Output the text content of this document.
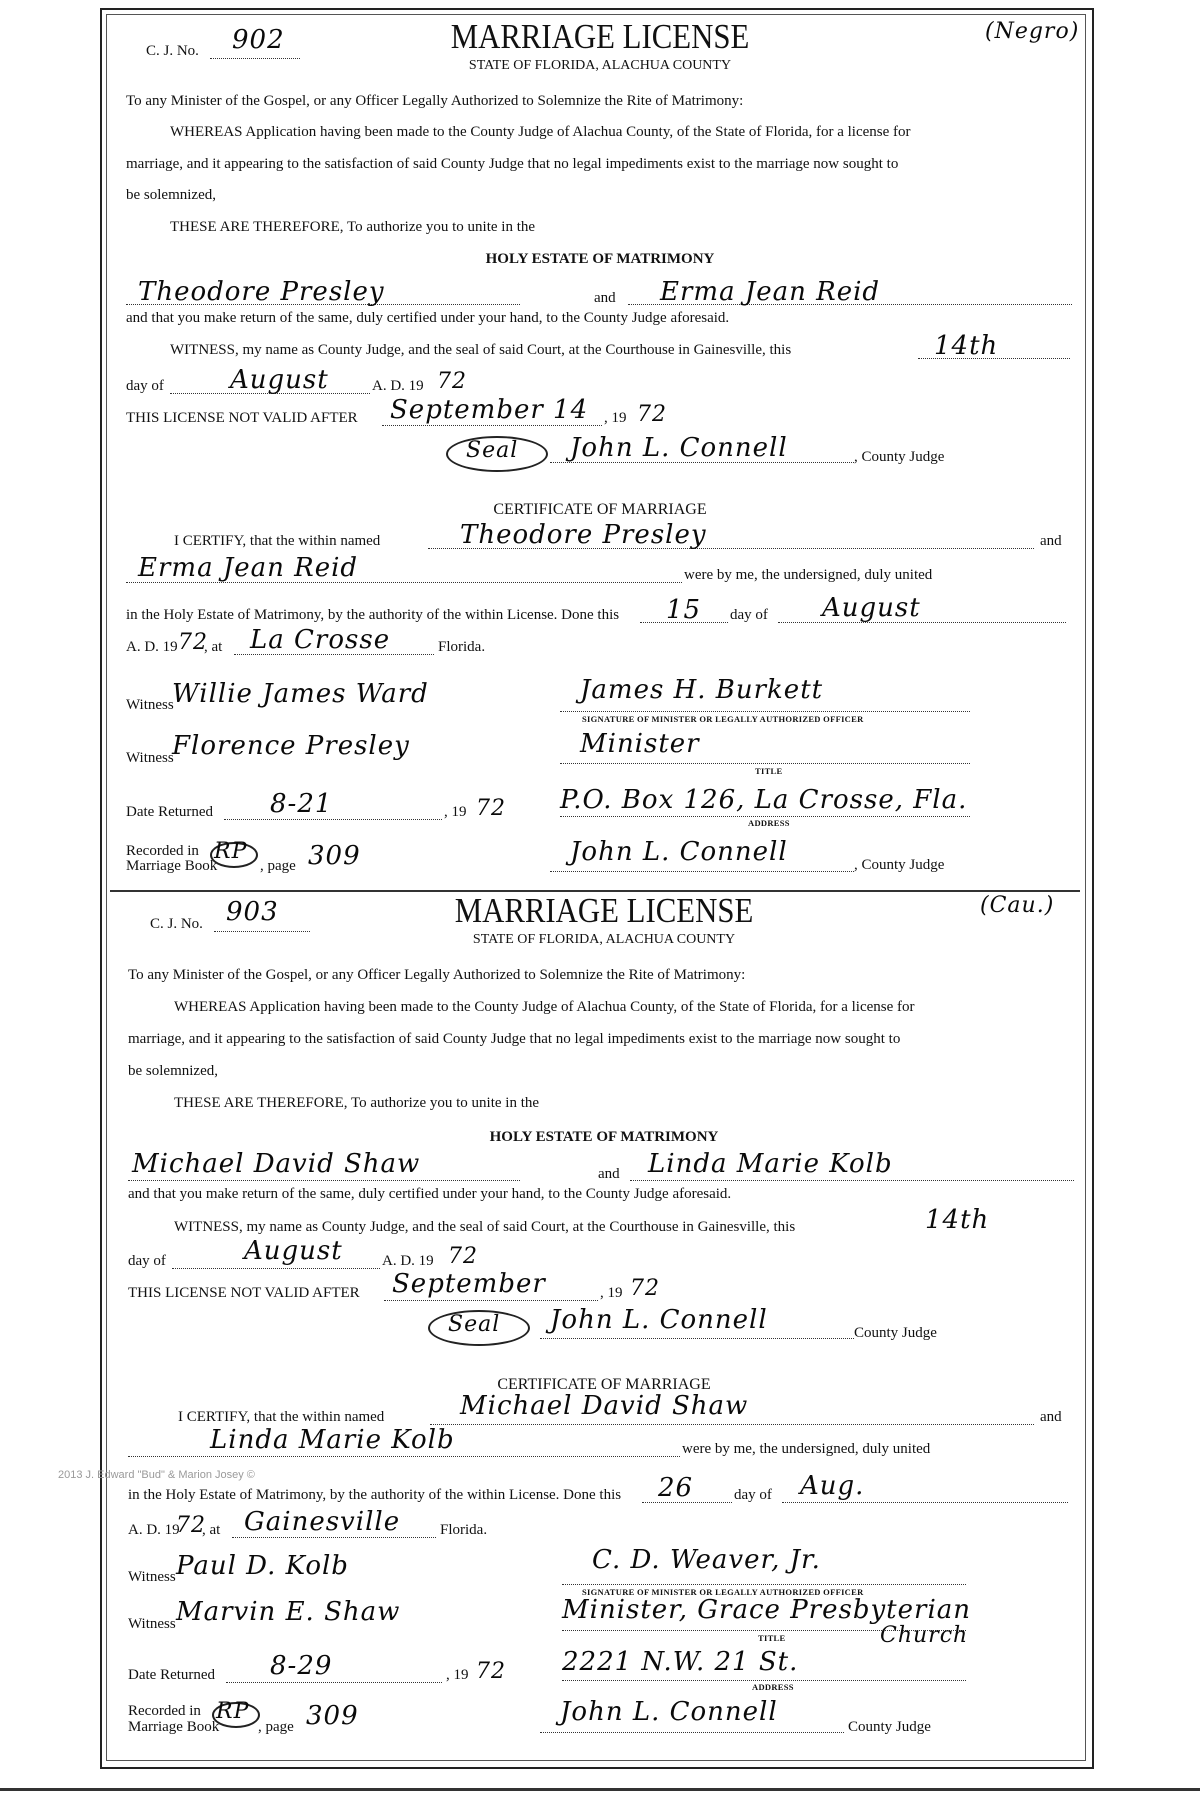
2013 J. Edward "Bud" & Marion Josey ©
C. J. No. 902	MARRIAGE LICENSE
STATE OF FLORIDA, ALACHUA COUNTY
(Negro)
To any Minister of the Gospel, or any Officer Legally Authorized to Solemnize the Rite of Matrimony:
WHEREAS Application having been made to the County Judge of Alachua County, of the State of Florida, for a license for
marriage, and it appearing to the satisfaction of said County Judge that no legal impediments exist to the marriage now sought to
be solemnized,
THESE ARE THEREFORE, To authorize you to unite in the
HOLY ESTATE OF MATRIMONY
Theodore Presley	and Erma Jean Reid
and that you make return of the same, duly certified under your hand, to the County Judge aforesaid.
WITNESS, my name as County Judge, and the seal of said Court, at the Courthouse in Gainesville, this	14th
day of	August	A. D. 19 72
THIS LICENSE NOT VALID AFTER September 14 , 19 72
Seal John L. Connell	, County Judge
CERTIFICATE OF MARRIAGE
I CERTIFY, that the within named	Theodore Presley	and
Erma Jean Reid	were by me, the undersigned, duly united
in the Holy Estate of Matrimony, by the authority of the within License. Done this 15 day of August
A. D. 19 72
, at La Crosse	Florida.
Witness
Willie James Ward	James H. Burkett
SIGNATURE OF MINISTER OR LEGALLY AUTHORIZED OFFICER
Witness
Florence Presley	Minister
TITLE
Date Returned 8-21	, 19 72 P.O. Box 126, La Crosse, Fla.
ADDRESS
Recorded in
Marriage Book
RP
, page 309	John L. Connell	, County Judge
C. J. No. 903	MARRIAGE LICENSE
STATE OF FLORIDA, ALACHUA COUNTY
(Cau.)
To any Minister of the Gospel, or any Officer Legally Authorized to Solemnize the Rite of Matrimony:
WHEREAS Application having been made to the County Judge of Alachua County, of the State of Florida, for a license for
marriage, and it appearing to the satisfaction of said County Judge that no legal impediments exist to the marriage now sought to
be solemnized,
THESE ARE THEREFORE, To authorize you to unite in the
HOLY ESTATE OF MATRIMONY
Michael David Shaw	and Linda Marie Kolb
and that you make return of the same, duly certified under your hand, to the County Judge aforesaid.
WITNESS, my name as County Judge, and the seal of said Court, at the Courthouse in Gainesville, this	14th
day of	August	A. D. 19 72
THIS LICENSE NOT VALID AFTER September	, 19 72
Seal John L. Connell	County Judge
CERTIFICATE OF MARRIAGE
I CERTIFY, that the within named	Michael David Shaw	and
Linda Marie Kolb	were by me, the undersigned, duly united
in the Holy Estate of Matrimony, by the authority of the within License. Done this 26	day of Aug.
A. D. 19
72
, at Gainesville	Florida.
Witness Paul D. Kolb	C. D. Weaver, Jr.
SIGNATURE OF MINISTER OR LEGALLY AUTHORIZED OFFICER
Witness Marvin E. Shaw	Minister, Grace Presbyterian
Church
TITLE
Date Returned 8-29	, 19 72 2221 N.W. 21 St.
ADDRESS
Recorded in
Marriage Book
RP
, page 309	John L. Connell	County Judge
